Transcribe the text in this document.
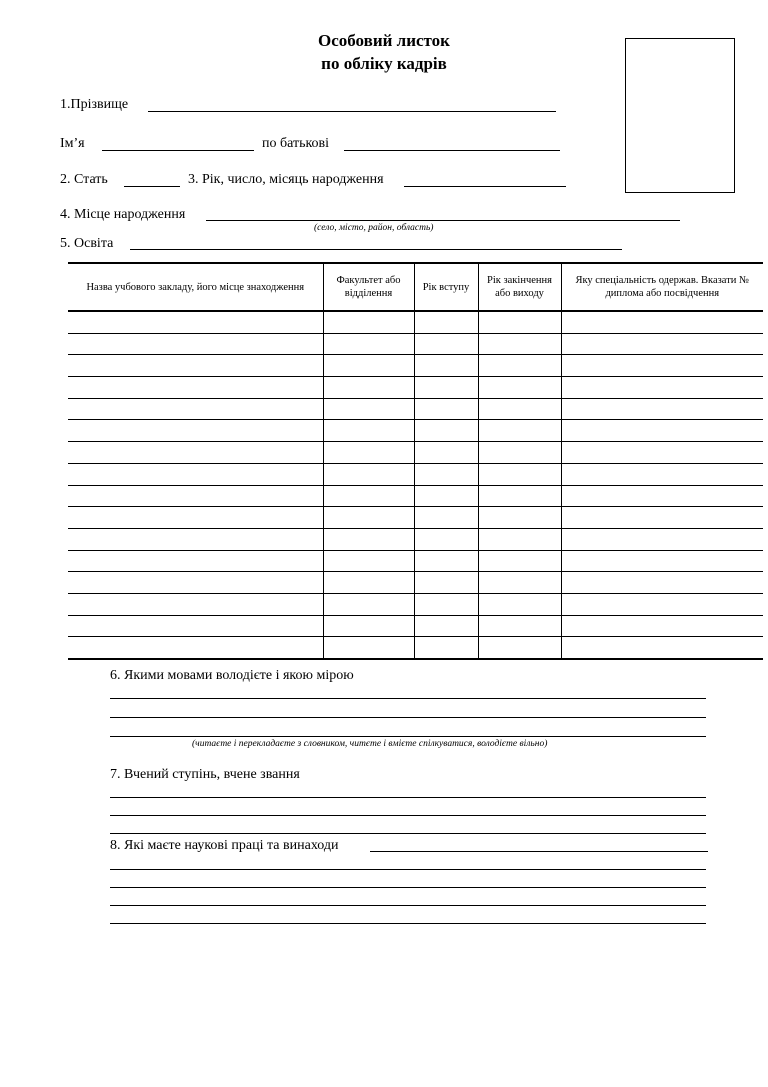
Особовий листок
по обліку кадрів
1.Прізвище
Ім’я	по батькові
2. Стать	3. Рік, число, місяць народження
4. Місце народження
(село, місто, район, область)
5. Освіта
Назва учбового закладу, його місце знаходження	Факультет або відділення	Рік вступу	Рік закінчення або виходу	Яку спеціальність одержав. Вказати № диплома або посвідчення

6. Якими мовами володієте і якою мірою
(читаєте і перекладаєте з словником, читєте і вмієте спілкуватися, володієте вільно)
7. Вчений ступінь, вчене звання
8. Які маєте наукові праці та винаходи
